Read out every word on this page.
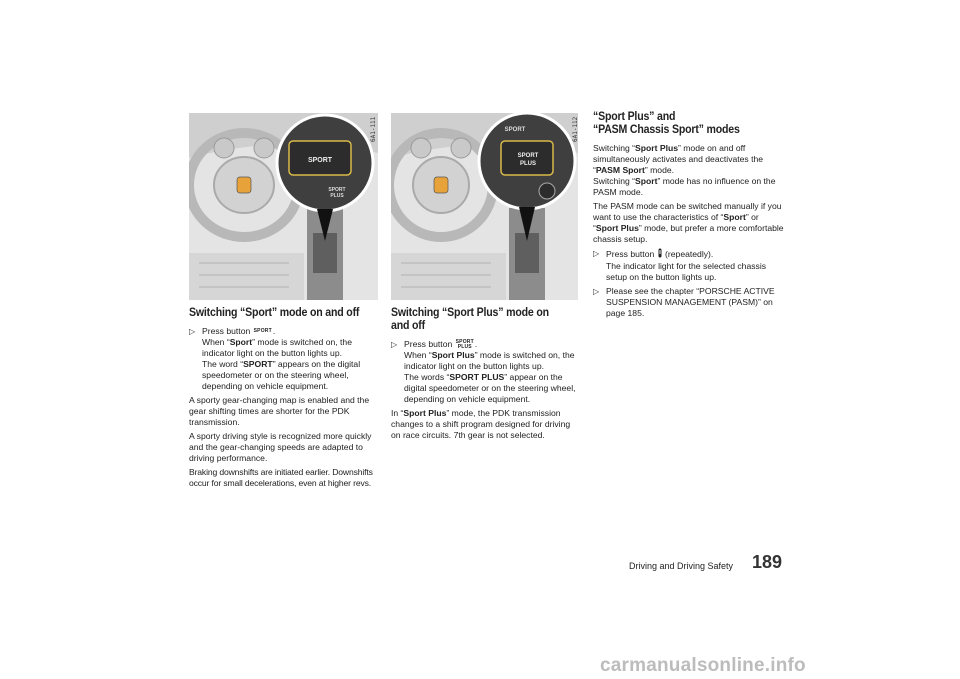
SPORT
SPORT
PLUS
6A1-111	SPORT
SPORT
PLUS
6A1-112
Switching “Sport” mode on and off
▷ Press button SPORT.
When “Sport” mode is switched on, the indicator light on the button lights up.
The word “SPORT” appears on the digital speedometer or on the steering wheel, depending on vehicle equipment.

A sporty gear-changing map is enabled and the gear shifting times are shorter for the PDK transmission.

A sporty driving style is recognized more quickly and the gear-changing speeds are adapted to driving performance.

Braking downshifts are initiated earlier. Downshifts occur for small decelerations, even at higher revs.

Switching “Sport Plus” mode on and off
▷ Press button SPORT
PLUS .
When “Sport Plus” mode is switched on, the indicator light on the button lights up.
The words “SPORT PLUS” appear on the digital speedometer or on the steering wheel, depending on vehicle equipment.

In “Sport Plus” mode, the PDK transmission changes to a shift program designed for driving on race circuits. 7th gear is not selected.

“Sport Plus” and
“PASM Chassis Sport” modes

Switching “Sport Plus” mode on and off simultaneously activates and deactivates the “PASM Sport” mode.
Switching “Sport” mode has no influence on the PASM mode.

The PASM mode can be switched manually if you want to use the characteristics of “Sport” or “Sport Plus” mode, but prefer a more comfortable chassis setup.

▷ Press button (repeatedly).
The indicator light for the selected chassis setup on the button lights up.
▷ Please see the chapter “PORSCHE ACTIVE SUSPENSION MANAGEMENT (PASM)” on page 185.
Driving and Driving Safety 189
carmanualsonline.info
